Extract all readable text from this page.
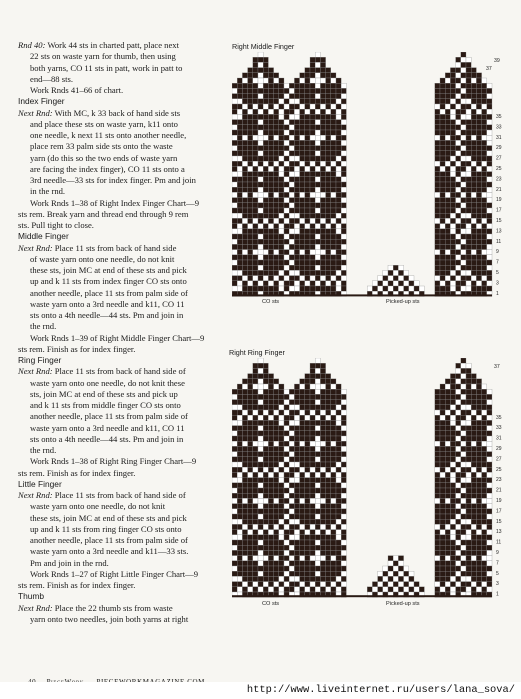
Rnd 40: Work 44 sts in charted patt, place next

22 sts on waste yarn for thumb, then using

both yarns, CO 11 sts in patt, work in patt to

end—88 sts.

Work Rnds 41–66 of chart.

Index Finger

Next Rnd: With MC, k 33 back of hand side sts

and place these sts on waste yarn, k11 onto

one needle, k next 11 sts onto another needle,

place rem 33 palm side sts onto the waste

yarn (do this so the two ends of waste yarn

are facing the index finger), CO 11 sts onto a

3rd needle—33 sts for index finger. Pm and join

in the rnd.

Work Rnds 1–38 of Right Index Finger Chart—9

sts rem. Break yarn and thread end through 9 rem

sts. Pull tight to close.

Middle Finger

Next Rnd: Place 11 sts from back of hand side

of waste yarn onto one needle, do not knit

these sts, join MC at end of these sts and pick

up and k 11 sts from index finger CO sts onto

another needle, place 11 sts from palm side of

waste yarn onto a 3rd needle and k11, CO 11

sts onto a 4th needle—44 sts. Pm and join in

the rnd.

Work Rnds 1–39 of Right Middle Finger Chart—9

sts rem. Finish as for index finger.

Ring Finger

Next Rnd: Place 11 sts from back of hand side of

waste yarn onto one needle, do not knit these

sts, join MC at end of these sts and pick up

and k 11 sts from middle finger CO sts onto

another needle, place 11 sts from palm side of

waste yarn onto a 3rd needle and k11, CO 11

sts onto a 4th needle—44 sts. Pm and join in

the rnd.

Work Rnds 1–38 of Right Ring Finger Chart—9

sts rem. Finish as for index finger.

Little Finger

Next Rnd: Place 11 sts from back of hand side of

waste yarn onto one needle, do not knit

these sts, join MC at end of these sts and pick

up and k 11 sts from ring finger CO sts onto

another needle, place 11 sts from palm side of

waste yarn onto a 3rd needle and k11—33 sts.

Pm and join in the rnd.

Work Rnds 1–27 of Right Little Finger Chart—9

sts rem. Finish as for index finger.

Thumb

Next Rnd: Place the 22 thumb sts from waste

yarn onto two needles, join both yarns at right

Right Middle Finger
1
3
5
7
9
11
13
15
17
19
21
23
25
27
29
31
33
35
39
37
CO sts	Picked-up sts
Right Ring Finger
1
3
5
7
9
11
13
15
17
19
21
23
25
27
29
31
33
35
37
CO sts	Picked-up sts
http://www.liveinternet.ru/users/lana_sova/
